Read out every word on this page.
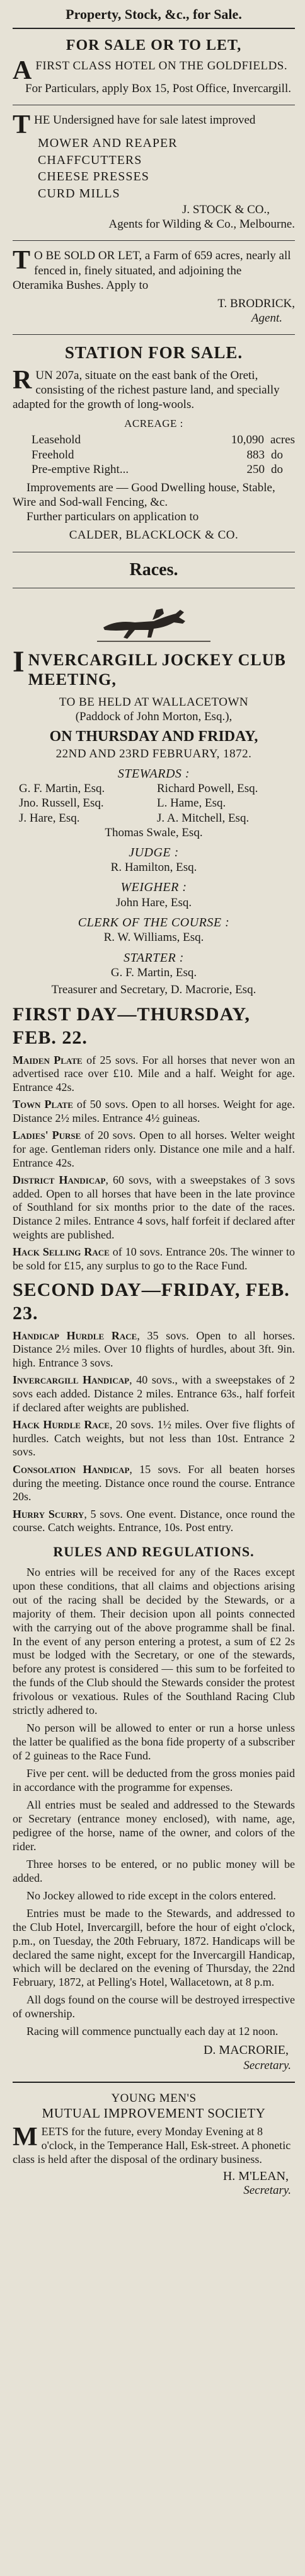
Property, Stock, &c., for Sale.
FOR SALE OR TO LET,
A FIRST CLASS HOTEL ON THE GOLDFIELDS.
For Particulars, apply Box 15, Post Office, Invercargill.
T HE Undersigned have for sale latest improved
MOWER AND REAPER
CHAFFCUTTERS
CHEESE PRESSES
CURD MILLS
J. STOCK & CO.,
Agents for Wilding & Co., Melbourne.
T O BE SOLD OR LET, a Farm of 659 acres, nearly all fenced in, finely situated, and adjoining the Oteramika Bushes. Apply to
T. BRODRICK,
Agent.
STATION FOR SALE.
R UN 207a, situate on the east bank of the Oreti, consisting of the richest pasture land, and specially adapted for the growth of long-wools.
ACREAGE :
Leasehold	10,090 acres
Freehold	883 do
Pre-emptive Right...	250 do
Improvements are — Good Dwelling house, Stable, Wire and Sod-wall Fencing, &c.
Further particulars on application to
CALDER, BLACKLOCK & CO.
Races.
I NVERCARGILL JOCKEY CLUB MEETING,
TO BE HELD AT WALLACETOWN
(Paddock of John Morton, Esq.),
ON THURSDAY AND FRIDAY,
22ND AND 23RD FEBRUARY, 1872.
STEWARDS :
G. F. Martin, Esq.	Richard Powell, Esq.
Jno. Russell, Esq.	L. Hame, Esq.
J. Hare, Esq.	J. A. Mitchell, Esq.
Thomas Swale, Esq.
JUDGE :
R. Hamilton, Esq.
WEIGHER :
John Hare, Esq.
CLERK OF THE COURSE :
R. W. Williams, Esq.
STARTER :
G. F. Martin, Esq.
Treasurer and Secretary, D. Macrorie, Esq.
FIRST DAY—THURSDAY, FEB. 22.

Maiden Plate of 25 sovs. For all horses that never won an advertised race over £10. Mile and a half. Weight for age. Entrance 42s.

Town Plate of 50 sovs. Open to all horses. Weight for age. Distance 2½ miles. Entrance 4½ guineas.

Ladies' Purse of 20 sovs. Open to all horses. Welter weight for age. Gentleman riders only. Distance one mile and a half. Entrance 42s.

District Handicap, 60 sovs, with a sweepstakes of 3 sovs added. Open to all horses that have been in the late province of Southland for six months prior to the date of the races. Distance 2 miles. Entrance 4 sovs, half forfeit if declared after weights are published.

Hack Selling Race of 10 sovs. Entrance 20s. The winner to be sold for £15, any surplus to go to the Race Fund.

SECOND DAY—FRIDAY, FEB. 23.

Handicap Hurdle Race, 35 sovs. Open to all horses. Distance 2½ miles. Over 10 flights of hurdles, about 3ft. 9in. high. Entrance 3 sovs.

Invercargill Handicap, 40 sovs., with a sweepstakes of 2 sovs each added. Distance 2 miles. Entrance 63s., half forfeit if declared after weights are published.

Hack Hurdle Race, 20 sovs. 1½ miles. Over five flights of hurdles. Catch weights, but not less than 10st. Entrance 2 sovs.

Consolation Handicap, 15 sovs. For all beaten horses during the meeting. Distance once round the course. Entrance 20s.

Hurry Scurry, 5 sovs. One event. Distance, once round the course. Catch weights. Entrance, 10s. Post entry.

RULES AND REGULATIONS.

No entries will be received for any of the Races except upon these conditions, that all claims and objections arising out of the racing shall be decided by the Stewards, or a majority of them. Their decision upon all points connected with the carrying out of the above programme shall be final. In the event of any person entering a protest, a sum of £2 2s must be lodged with the Secretary, or one of the stewards, before any protest is considered — this sum to be forfeited to the funds of the Club should the Stewards consider the protest frivolous or vexatious. Rules of the Southland Racing Club strictly adhered to.

No person will be allowed to enter or run a horse unless the latter be qualified as the bona fide property of a subscriber of 2 guineas to the Race Fund.

Five per cent. will be deducted from the gross monies paid in accordance with the programme for expenses.

All entries must be sealed and addressed to the Stewards or Secretary (entrance money enclosed), with name, age, pedigree of the horse, name of the owner, and colors of the rider.

Three horses to be entered, or no public money will be added.

No Jockey allowed to ride except in the colors entered.

Entries must be made to the Stewards, and addressed to the Club Hotel, Invercargill, before the hour of eight o'clock, p.m., on Tuesday, the 20th February, 1872. Handicaps will be declared the same night, except for the Invercargill Handicap, which will be declared on the evening of Thursday, the 22nd February, 1872, at Pelling's Hotel, Wallacetown, at 8 p.m.

All dogs found on the course will be destroyed irrespective of ownership.

Racing will commence punctually each day at 12 noon.

D. MACRORIE,
Secretary.
YOUNG MEN'S
MUTUAL IMPROVEMENT SOCIETY
M EETS for the future, every Monday Evening at 8 o'clock, in the Temperance Hall, Esk-street. A phonetic class is held after the disposal of the ordinary business.
H. M'LEAN,
Secretary.
